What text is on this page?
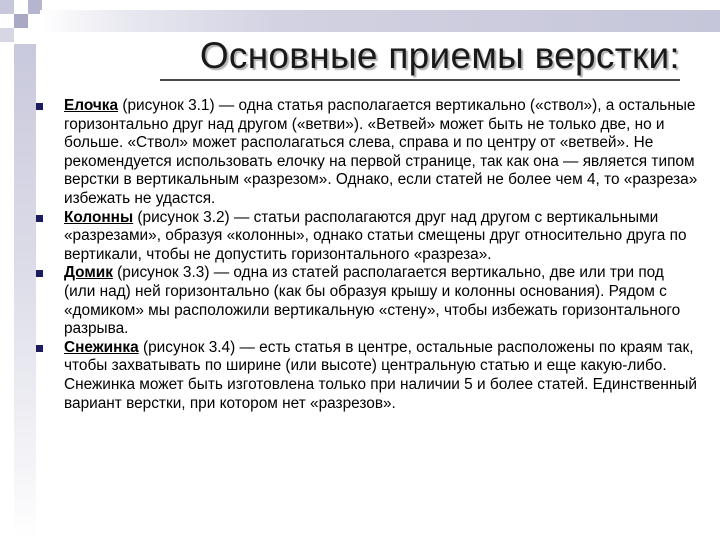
Основные приемы верстки:
Елочка (рисунок 3.1) — одна статья располагается вертикально («ствол»), а остальные горизонтально друг над другом («ветви»). «Ветвей» может быть не только две, но и больше. «Ствол» может располагаться слева, справа и по центру от «ветвей». Не рекомендуется использовать елочку на первой странице, так как она — является типом верстки в вертикальным «разрезом». Однако, если статей не более чем 4, то «разреза» избежать не удастся.
Колонны (рисунок 3.2) — статьи располагаются друг над другом с вертикальными «разрезами», образуя «колонны», однако статьи смещены друг относительно друга по вертикали, чтобы не допустить горизонтального «разреза».
Домик (рисунок 3.3) — одна из статей располагается вертикально, две или три под (или над) ней горизонтально (как бы образуя крышу и колонны основания). Рядом с «домиком» мы расположили вертикальную «стену», чтобы избежать горизонтального разрыва.
Снежинка (рисунок 3.4) — есть статья в центре, остальные расположены по краям так, чтобы захватывать по ширине (или высоте) центральную статью и еще какую-либо. Снежинка может быть изготовлена только при наличии 5 и более статей. Единственный вариант верстки, при котором нет «разрезов».
